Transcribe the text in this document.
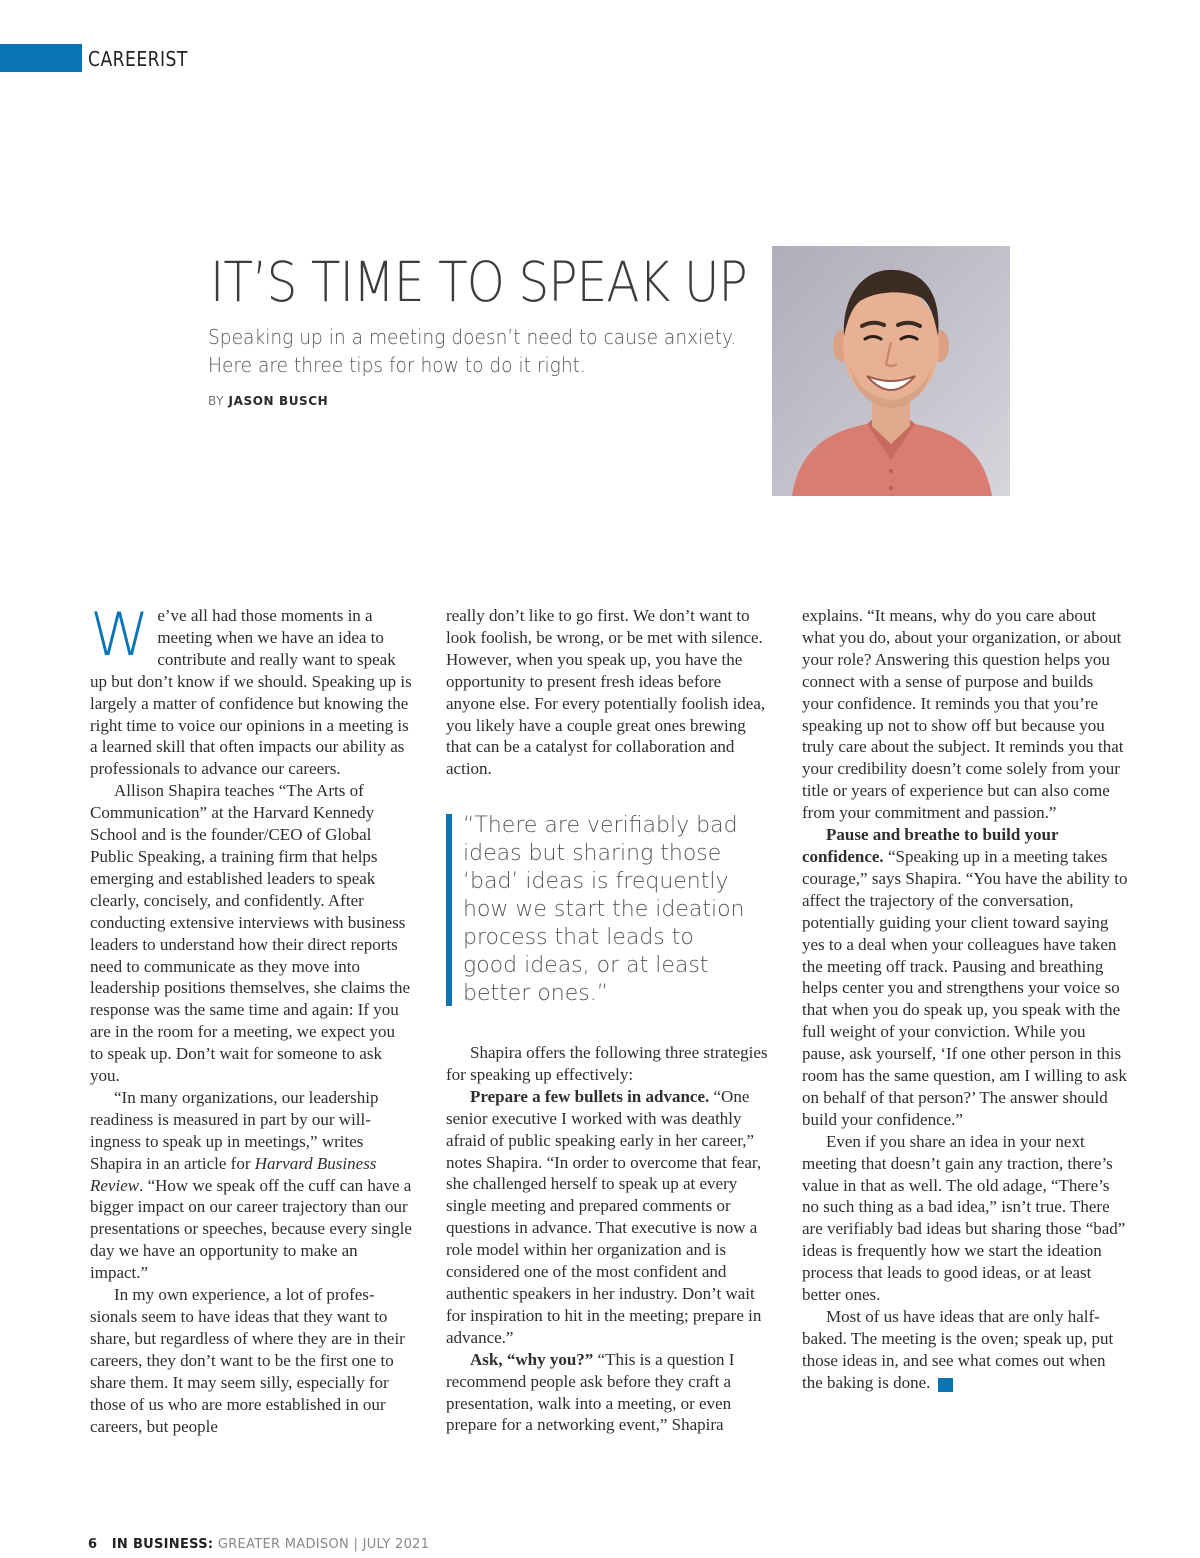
CAREERIST
IT’S TIME TO SPEAK UP
Speaking up in a meeting doesn’t need to cause anxiety.
Here are three tips for how to do it right.
BY JASON BUSCH

We’ve all had those moments in a meeting when we have an idea to contribute and really want to speak up but don’t know if we should. Speaking up is largely a matter of confidence but knowing the right time to voice our opinions in a meeting is a learned skill that often impacts our ability as professionals to advance our careers.

Allison Shapira teaches “The Arts of Communication” at the Harvard Kennedy School and is the founder/CEO of Global Public Speaking, a training firm that helps emerging and established leaders to speak clearly, concisely, and confidently. After conducting extensive interviews with business leaders to understand how their direct reports need to communicate as they move into leadership positions themselves, she claims the response was the same time and again: If you are in the room for a meeting, we expect you to speak up. Don’t wait for someone to ask you.

“In many organizations, our leadership readiness is measured in part by our willingness to speak up in meetings,” writes Shapira in an article for Harvard Business Review. “How we speak off the cuff can have a bigger impact on our career trajectory than our presentations or speeches, because every single day we have an opportunity to make an impact.”

In my own experience, a lot of professionals seem to have ideas that they want to share, but regardless of where they are in their careers, they don’t want to be the first one to share them. It may seem silly, especially for those of us who are more established in our careers, but people

really don’t like to go first. We don’t want to look foolish, be wrong, or be met with silence. However, when you speak up, you have the opportunity to present fresh ideas before anyone else. For every potentially foolish idea, you likely have a couple great ones brewing that can be a catalyst for collaboration and action.

“There are verifiably bad
ideas but sharing those
‘bad’ ideas is frequently
how we start the ideation
process that leads to
good ideas, or at least
better ones.”

Shapira offers the following three strategies for speaking up effectively:

Prepare a few bullets in advance. “One senior executive I worked with was deathly afraid of public speaking early in her career,” notes Shapira. “In order to overcome that fear, she challenged herself to speak up at every single meeting and prepared comments or questions in advance. That executive is now a role model within her organization and is considered one of the most confident and authentic speakers in her industry. Don’t wait for inspiration to hit in the meeting; prepare in advance.”

Ask, “why you?” “This is a question I recommend people ask before they craft a presentation, walk into a meeting, or even prepare for a networking event,” Shapira

explains. “It means, why do you care about what you do, about your organization, or about your role? Answering this question helps you connect with a sense of purpose and builds your confidence. It reminds you that you’re speaking up not to show off but because you truly care about the subject. It reminds you that your credibility doesn’t come solely from your title or years of experience but can also come from your commitment and passion.”

Pause and breathe to build your confidence. “Speaking up in a meeting takes courage,” says Shapira. “You have the ability to affect the trajectory of the conversation, potentially guiding your client toward saying yes to a deal when your colleagues have taken the meeting off track. Pausing and breathing helps center you and strengthens your voice so that when you do speak up, you speak with the full weight of your conviction. While you pause, ask yourself, ‘If one other person in this room has the same question, am I willing to ask on behalf of that person?’ The answer should build your confidence.”

Even if you share an idea in your next meeting that doesn’t gain any traction, there’s value in that as well. The old adage, “There’s no such thing as a bad idea,” isn’t true. There are verifiably bad ideas but sharing those “bad” ideas is frequently how we start the ideation process that leads to good ideas, or at least better ones.

Most of us have ideas that are only half-baked. The meeting is the oven; speak up, put those ideas in, and see what comes out when the baking is done.	IB

6 IN BUSINESS: GREATER MADISON | JULY 2021
